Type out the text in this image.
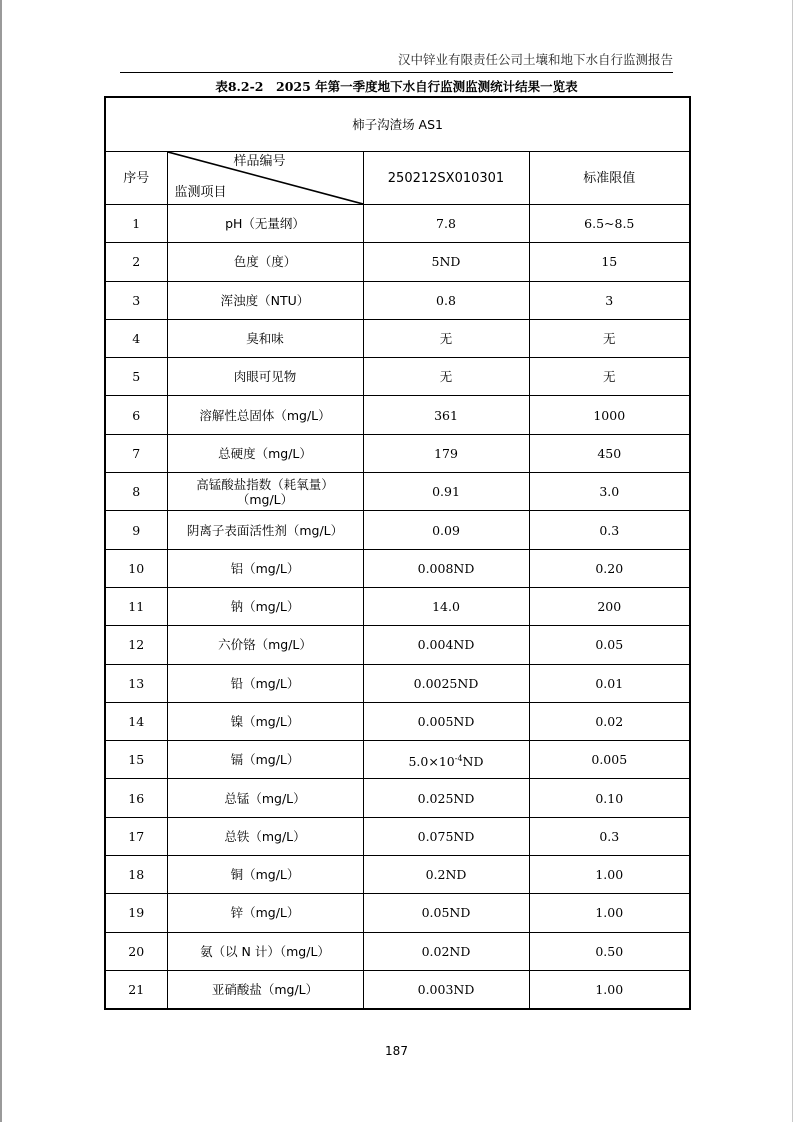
汉中锌业有限责任公司土壤和地下水自行监测报告
表8.2-2　2025 年第一季度地下水自行监测监测统计结果一览表
柿子沟渣场 AS1			
序号	样品编号
监测项目	250212SX010301	标准限值
1	pH（无量纲）	7.8	6.5~8.5
2	色度（度）	5ND	15
3	浑浊度（NTU）	0.8	3
4	臭和味	无	无
5	肉眼可见物	无	无
6	溶解性总固体（mg/L）	361	1000
7	总硬度（mg/L）	179	450
8	高锰酸盐指数（耗氧量）
（mg/L）	0.91	3.0
9	阴离子表面活性剂（mg/L）	0.09	0.3
10	铝（mg/L）	0.008ND	0.20
11	钠（mg/L）	14.0	200
12	六价铬（mg/L）	0.004ND	0.05
13	铅（mg/L）	0.0025ND	0.01
14	镍（mg/L）	0.005ND	0.02
15	镉（mg/L）	$5.0\times 10^{-4}ND$	0.005
16	总锰（mg/L）	0.025ND	0.10
17	总铁（mg/L）	0.075ND	0.3
18	铜（mg/L）	0.2ND	1.00
19	锌（mg/L）	0.05ND	1.00
20	氨（以 N 计）（mg/L）	0.02ND	0.50
21	亚硝酸盐（mg/L）	0.003ND	1.00
187
